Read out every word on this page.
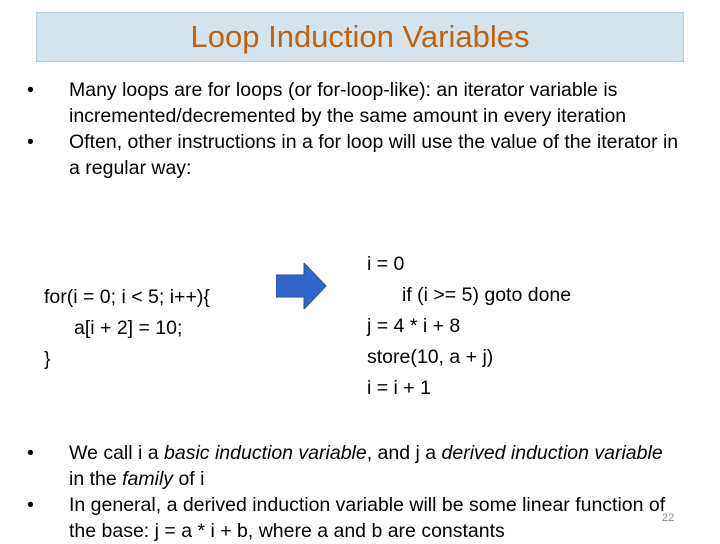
Loop Induction Variables
•	Many loops are for loops (or for-loop-like): an iterator variable is incremented/decremented by the same amount in every iteration
•	Often, other instructions in a for loop will use the value of the iterator in a regular way:
for(i = 0; i < 5; i++){
a[i + 2] = 10;
}
i = 0
if (i >= 5) goto done
j = 4 * i + 8
store(10, a + j)
i = i + 1
•	We call i a basic induction variable, and j a derived induction variable in the family of i
•	In general, a derived induction variable will be some linear function of the base: j = a * i + b, where a and b are constants
22
